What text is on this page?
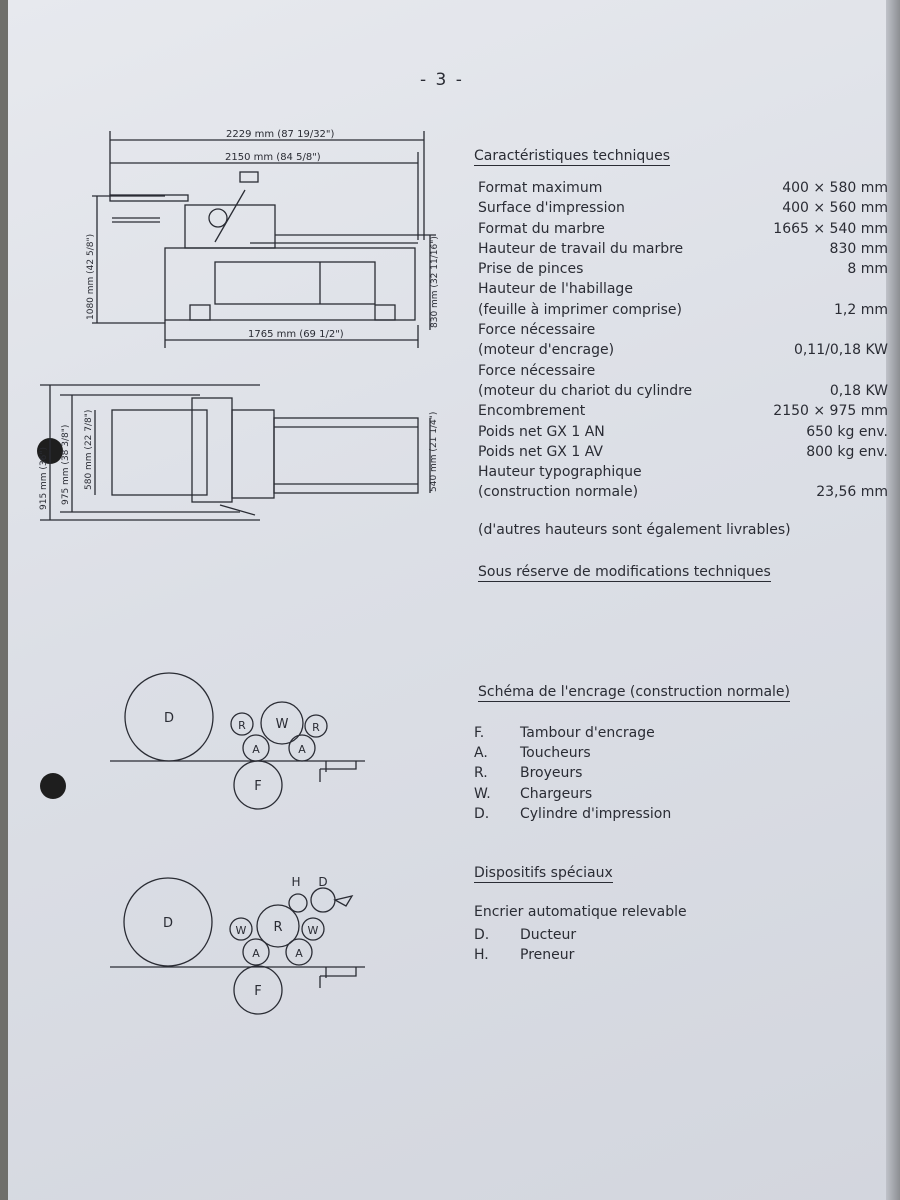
- 3 -
2229 mm (87 19/32")
2150 mm (84 5/8")
1765 mm (69 1/2")
1080 mm (42 5/8")	830 mm (32 11/16")
915 mm (36") 975 mm (38 3/8") 580 mm (22 7/8")	540 mm (21 1/4")
D	W
R	R
A	A
F
D	R
W	W
A	A
F
H D
Caractéristiques techniques
Format maximum	400 × 580 mm
Surface d'impression	400 × 560 mm
Format du marbre	1665 × 540 mm
Hauteur de travail du marbre	830 mm
Prise de pinces	8 mm
Hauteur de l'habillage
(feuille à imprimer comprise)	1,2 mm
Force nécessaire
(moteur d'encrage)	0,11/0,18 KW
Force nécessaire
(moteur du chariot du cylindre	0,18 KW
Encombrement	2150 × 975 mm
Poids net GX 1 AN	650 kg env.
Poids net GX 1 AV	800 kg env.
Hauteur typographique
(construction normale)	23,56 mm
(d'autres hauteurs sont également livrables)
Sous réserve de modifications techniques
Schéma de l'encrage (construction normale)
F.	Tambour d'encrage
A. Toucheurs
R. Broyeurs
W. Chargeurs
D. Cylindre d'impression
Dispositifs spéciaux
Encrier automatique relevable
D. Ducteur
H. Preneur
